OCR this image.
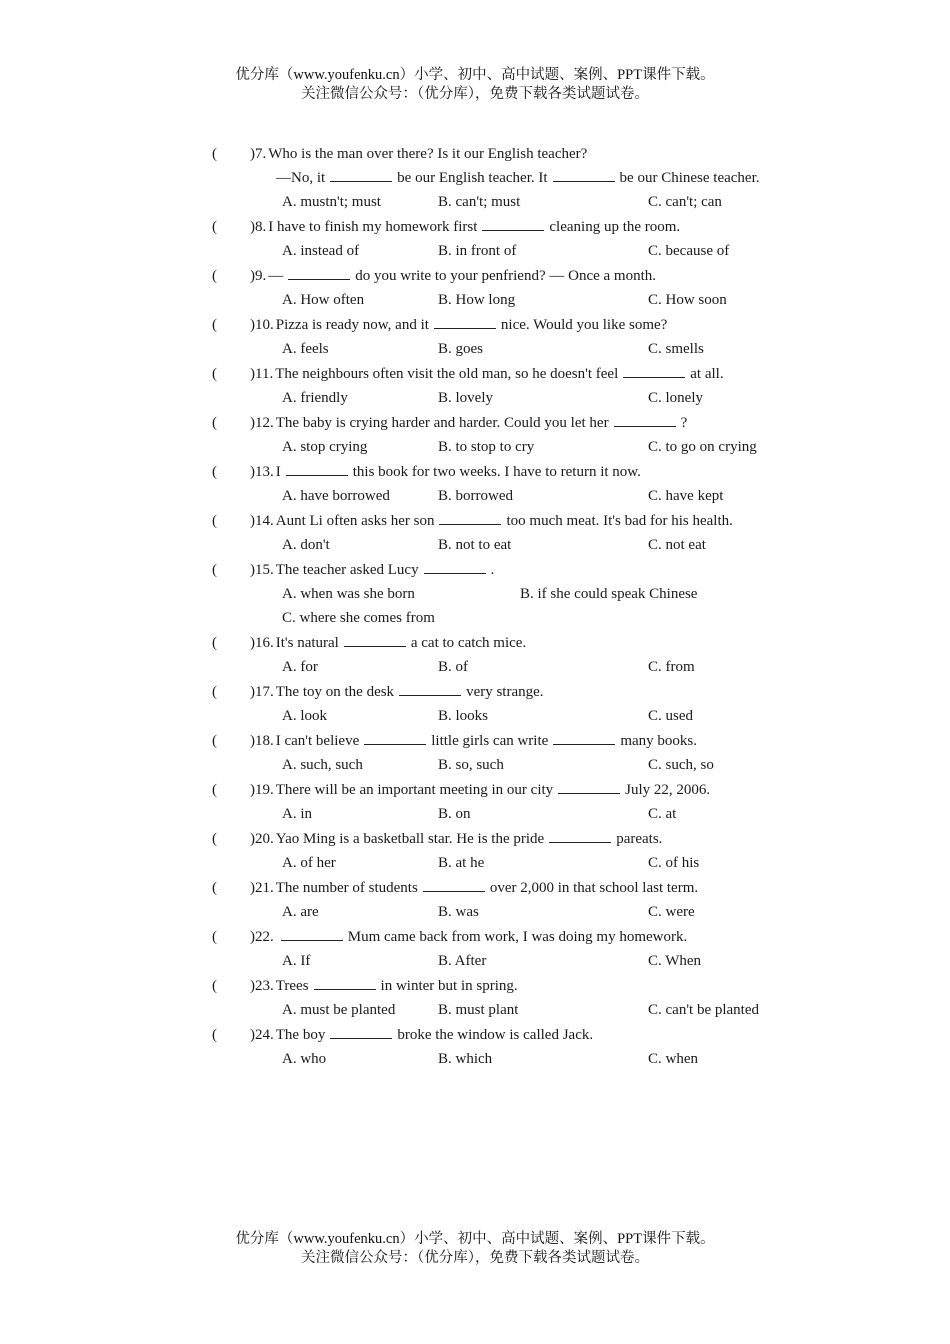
优分库（www.youfenku.cn）小学、初中、高中试题、案例、PPT课件下载。
关注微信公众号：（优分库），免费下载各类试题试卷。
( )7. Who is the man over there? Is it our English teacher?
—No, it	be our English teacher. It	be our Chinese teacher.
A. mustn't; must	B. can't; must	C. can't; can
( )8. I have to finish my homework first	cleaning up the room.
A. instead of	B. in front of	C. because of
( )9. —	do you write to your penfriend? — Once a month.
A. How often	B. How long	C. How soon
( )10. Pizza is ready now, and it	nice. Would you like some?
A. feels	B. goes	C. smells
( )11. The neighbours often visit the old man, so he doesn't feel	at all.
A. friendly	B. lovely	C. lonely
( )12. The baby is crying harder and harder. Could you let her	?
A. stop crying	B. to stop to cry	C. to go on crying
( )13. I	this book for two weeks. I have to return it now.
A. have borrowed	B. borrowed	C. have kept
( )14. Aunt Li often asks her son	too much meat. It's bad for his health.
A. don't	B. not to eat	C. not eat
( )15. The teacher asked Lucy	.
A. when was she born	B. if she could speak Chinese
C. where she comes from
( )16. It's natural	a cat to catch mice.
A. for	B. of	C. from
( )17. The toy on the desk	very strange.
A. look	B. looks	C. used
( )18. I can't believe	little girls can write	many books.
A. such, such	B. so, such	C. such, so
( )19. There will be an important meeting in our city	July 22, 2006.
A. in	B. on	C. at
( )20. Yao Ming is a basketball star. He is the pride	pareats.
A. of her	B. at he	C. of his
( )21. The number of students	over 2,000 in that school last term.
A. are	B. was	C. were
( )22.	Mum came back from work, I was doing my homework.
A. If	B. After	C. When
( )23. Trees	in winter but in spring.
A. must be planted	B. must plant	C. can't be planted
( )24. The boy	broke the window is called Jack.
A. who	B. which	C. when
优分库（www.youfenku.cn）小学、初中、高中试题、案例、PPT课件下载。
关注微信公众号：（优分库），免费下载各类试题试卷。
